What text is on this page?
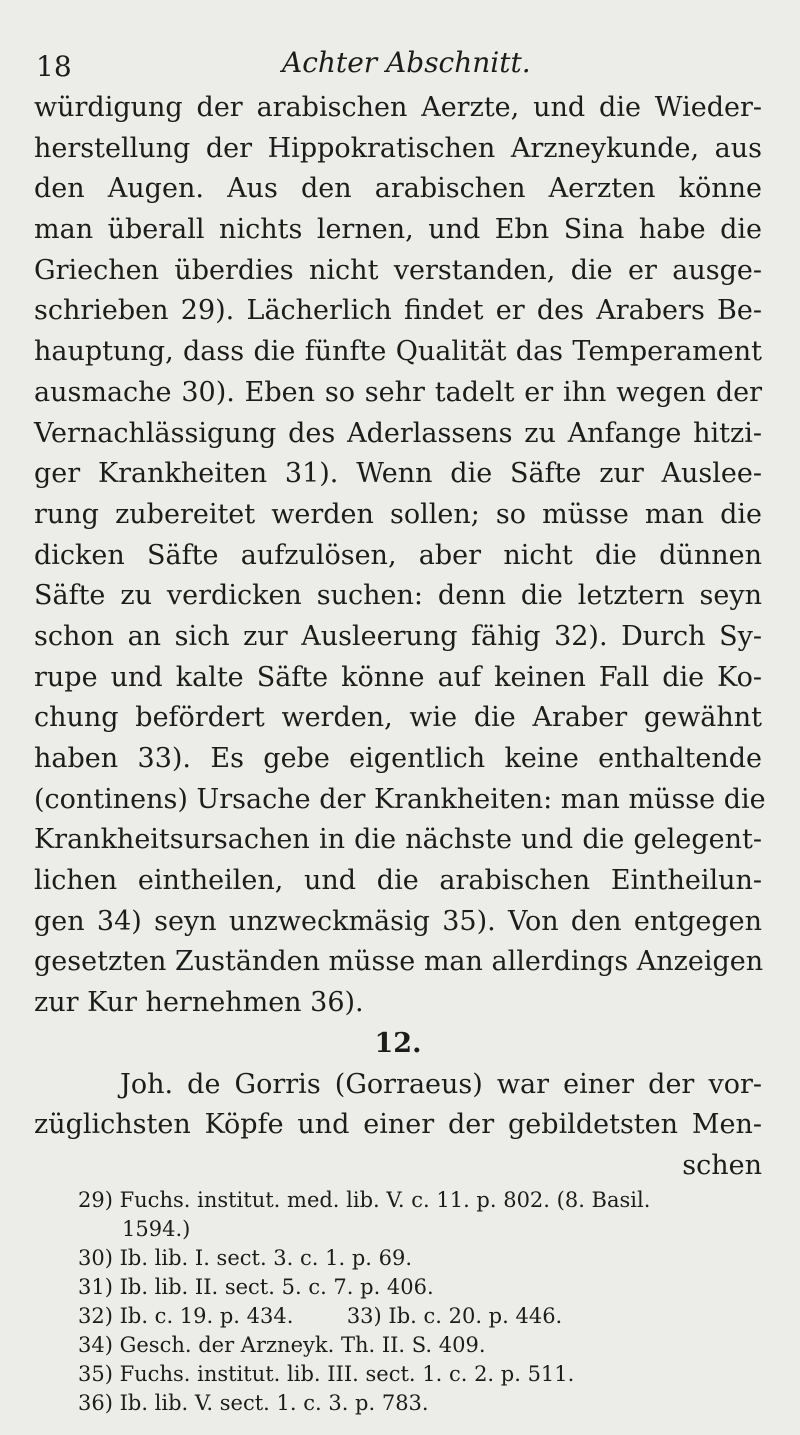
18	Achter Abschnitt.
würdigung der arabischen Aerzte, und die Wieder-
herstellung der Hippokratischen Arzneykunde, aus
den Augen. Aus den arabischen Aerzten könne
man überall nichts lernen, und Ebn Sina habe die
Griechen überdies nicht verstanden, die er ausge-
schrieben 29). Lächerlich findet er des Arabers Be-
hauptung, dass die fünfte Qualität das Temperament
ausmache 30). Eben so sehr tadelt er ihn wegen der
Vernachlässigung des Aderlassens zu Anfange hitzi-
ger Krankheiten 31). Wenn die Säfte zur Auslee-
rung zubereitet werden sollen; so müsse man die
dicken Säfte aufzulösen, aber nicht die dünnen
Säfte zu verdicken suchen: denn die letztern seyn
schon an sich zur Ausleerung fähig 32). Durch Sy-
rupe und kalte Säfte könne auf keinen Fall die Ko-
chung befördert werden, wie die Araber gewähnt
haben 33). Es gebe eigentlich keine enthaltende
(continens) Ursache der Krankheiten: man müsse die
Krankheitsursachen in die nächste und die gelegent-
lichen eintheilen, und die arabischen Eintheilun-
gen 34) seyn unzweckmäsig 35). Von den entgegen
gesetzten Zuständen müsse man allerdings Anzeigen
zur Kur hernehmen 36).
12.
Joh. de Gorris (Gorraeus) war einer der vor-
züglichsten Köpfe und einer der gebildetsten Men-
schen
29) Fuchs. institut. med. lib. V. c. 11. p. 802. (8. Basil.
1594.)
30) Ib. lib. I. sect. 3. c. 1. p. 69.
31) Ib. lib. II. sect. 5. c. 7. p. 406.
32) Ib. c. 19. p. 434.        33) Ib. c. 20. p. 446.
34) Gesch. der Arzneyk. Th. II. S. 409.
35) Fuchs. institut. lib. III. sect. 1. c. 2. p. 511.
36) Ib. lib. V. sect. 1. c. 3. p. 783.
